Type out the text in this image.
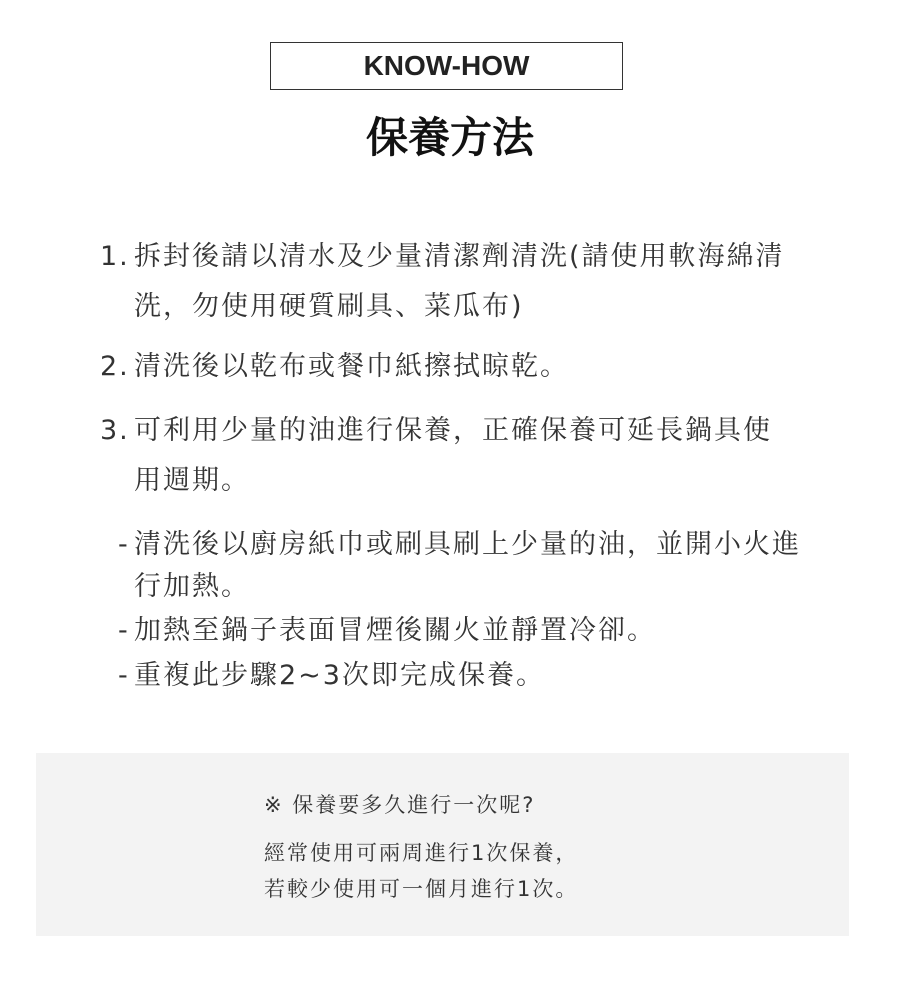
KNOW-HOW
保養方法
1. 拆封後請以清水及少量清潔劑清洗(請使用軟海綿清洗，勿使用硬質刷具、菜瓜布)
2. 清洗後以乾布或餐巾紙擦拭晾乾。
3. 可利用少量的油進行保養，正確保養可延長鍋具使用週期。
- 清洗後以廚房紙巾或刷具刷上少量的油，並開小火進行加熱。
- 加熱至鍋子表面冒煙後關火並靜置冷卻。
- 重複此步驟2~3次即完成保養。
※ 保養要多久進行一次呢?
經常使用可兩周進行1次保養，
若較少使用可一個月進行1次。
